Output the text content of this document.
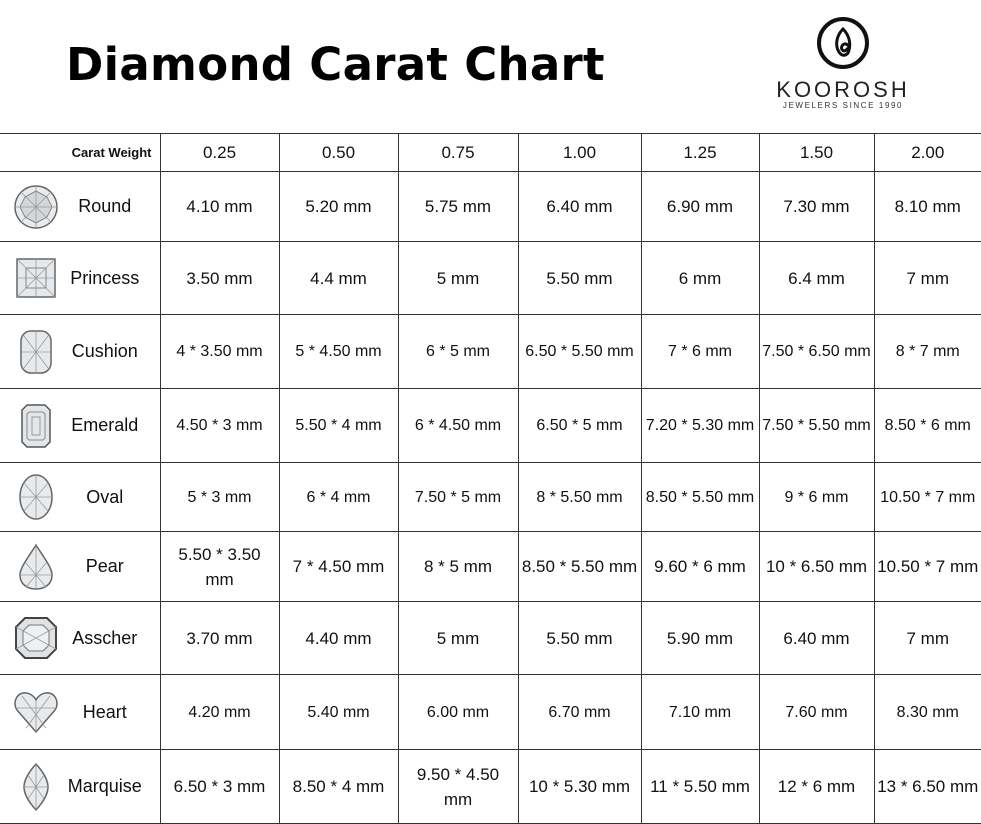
Diamond Carat Chart	KOOROSH
JEWELERS SINCE 1990
Carat Weight	0.25	0.50	0.75	1.00	1.25	1.50	2.00

Round	4.10 mm	5.20 mm	5.75 mm	6.40 mm	6.90 mm	7.30 mm	8.10 mm

Princess	3.50 mm	4.4 mm	5 mm	5.50 mm	6 mm	6.4 mm	7 mm

Cushion	4 * 3.50 mm	5 * 4.50 mm	6 * 5 mm	6.50 * 5.50 mm	7 * 6 mm	7.50 * 6.50 mm	8 * 7 mm

Emerald	4.50 * 3 mm	5.50 * 4 mm	6 * 4.50 mm	6.50 * 5 mm	7.20 * 5.30 mm	7.50 * 5.50 mm	8.50 * 6 mm

Oval	5 * 3 mm	6 * 4 mm	7.50 * 5 mm	8 * 5.50 mm	8.50 * 5.50 mm	9 * 6 mm	10.50 * 7 mm

Pear	5.50 * 3.50 mm	7 * 4.50 mm	8 * 5 mm	8.50 * 5.50 mm	9.60 * 6 mm	10 * 6.50 mm	10.50 * 7 mm

Asscher	3.70 mm	4.40 mm	5 mm	5.50 mm	5.90 mm	6.40 mm	7 mm

Heart	4.20 mm	5.40 mm	6.00 mm	6.70 mm	7.10 mm	7.60 mm	8.30 mm

Marquise	6.50 * 3 mm	8.50 * 4 mm	9.50 * 4.50 mm	10 * 5.30 mm	11 * 5.50 mm	12 * 6 mm	13 * 6.50 mm
